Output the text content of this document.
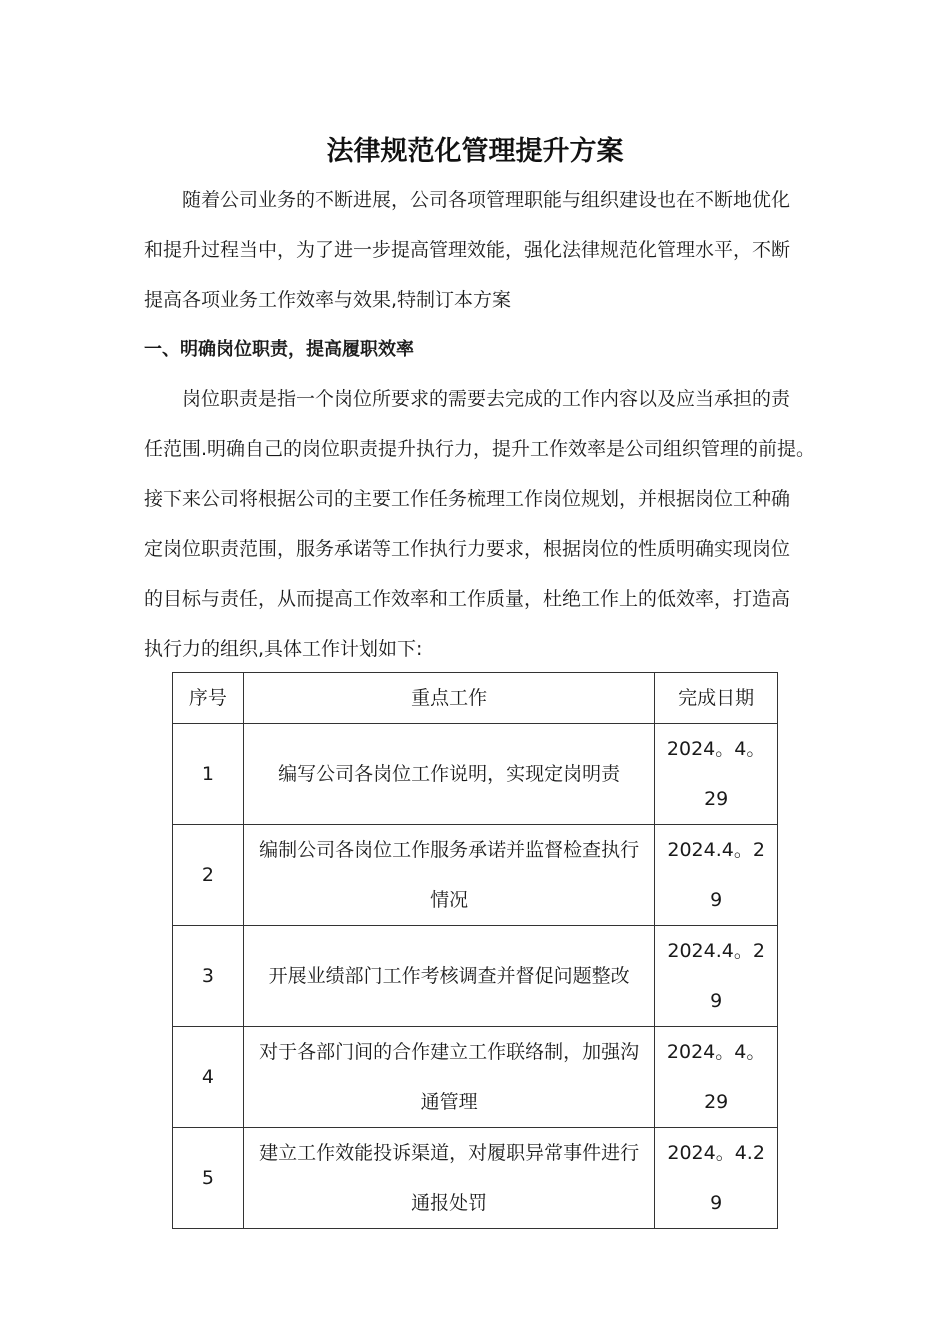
法律规范化管理提升方案
随着公司业务的不断进展，公司各项管理职能与组织建设也在不断地优化
和提升过程当中，为了进一步提高管理效能，强化法律规范化管理水平，不断
提高各项业务工作效率与效果,特制订本方案
一、明确岗位职责，提高履职效率
岗位职责是指一个岗位所要求的需要去完成的工作内容以及应当承担的责
任范围.明确自己的岗位职责提升执行力，提升工作效率是公司组织管理的前提。
接下来公司将根据公司的主要工作任务梳理工作岗位规划，并根据岗位工种确
定岗位职责范围，服务承诺等工作执行力要求，根据岗位的性质明确实现岗位
的目标与责任，从而提高工作效率和工作质量，杜绝工作上的低效率，打造高
执行力的组织,具体工作计划如下:
序号	重点工作	完成日期
1	编写公司各岗位工作说明，实现定岗明责	2024。4。29
2	编制公司各岗位工作服务承诺并监督检查执行情况	2024.4。29
3	开展业绩部门工作考核调查并督促问题整改	2024.4。29
4	对于各部门间的合作建立工作联络制，加强沟通管理	2024。4。29
5	建立工作效能投诉渠道，对履职异常事件进行通报处罚	2024。4.29
